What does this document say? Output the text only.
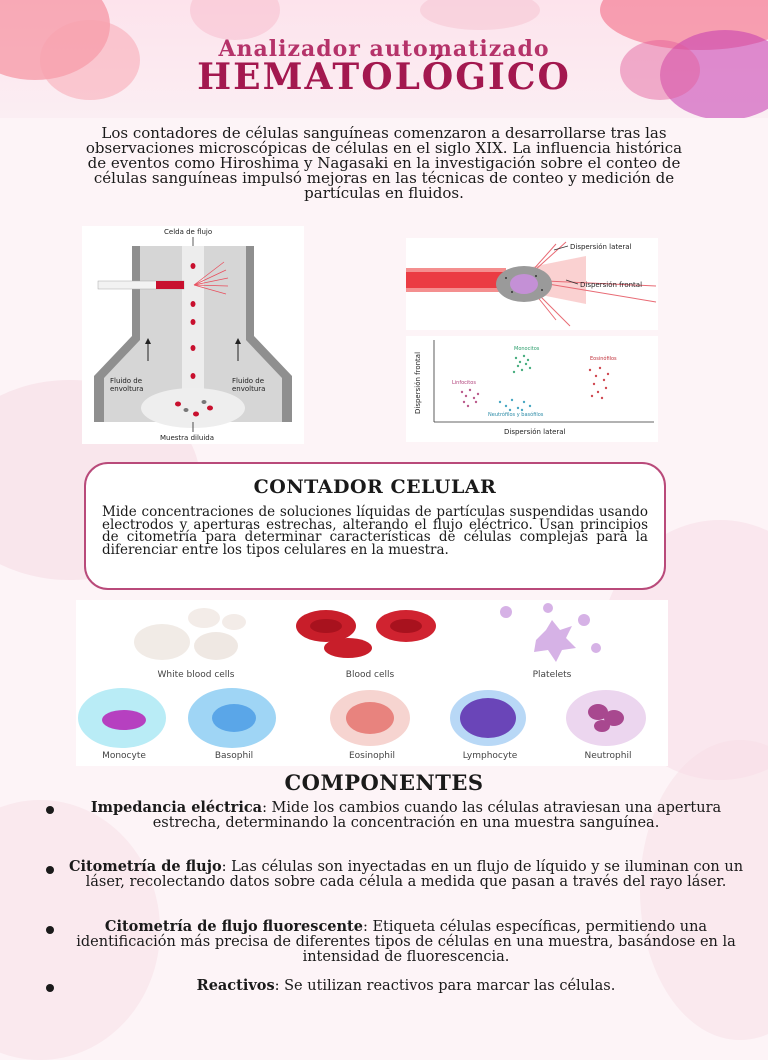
Analizador automatizado
HEMATOLÓGICO
Los contadores de células sanguíneas comenzaron a desarrollarse tras las observaciones microscópicas de células en el siglo XIX. La influencia histórica de eventos como Hiroshima y Nagasaki en la investigación sobre el conteo de células sanguíneas impulsó mejoras en las técnicas de conteo y medición de partículas en fluidos.
Celda de flujo
Fluido de envoltura
Fluido de envoltura
Muestra diluida
Dispersión lateral
Dispersión frontal
Dispersión frontal
Dispersión lateral
Monocitos
Linfocitos
Eosinófilos
Neutrófilos y basófilos
CONTADOR CELULAR
Mide concentraciones de soluciones líquidas de partículas suspendidas usando electrodos y aperturas estrechas, alterando el flujo eléctrico. Usan principios de citometría para determinar características de células complejas para la diferenciar entre los tipos celulares en la muestra.
White blood cells	Blood cells	Platelets
Monocyte	Basophil	Eosinophil	Lymphocyte	Neutrophil
COMPONENTES
Impedancia eléctrica: Mide los cambios cuando las células atraviesan una apertura estrecha, determinando la concentración en una muestra sanguínea.
Citometría de flujo: Las células son inyectadas en un flujo de líquido y se iluminan con un láser, recolectando datos sobre cada célula a medida que pasan a través del rayo láser.
Citometría de flujo fluorescente: Etiqueta células específicas, permitiendo una identificación más precisa de diferentes tipos de células en una muestra, basándose en la intensidad de fluorescencia.
Reactivos: Se utilizan reactivos para marcar las células.
